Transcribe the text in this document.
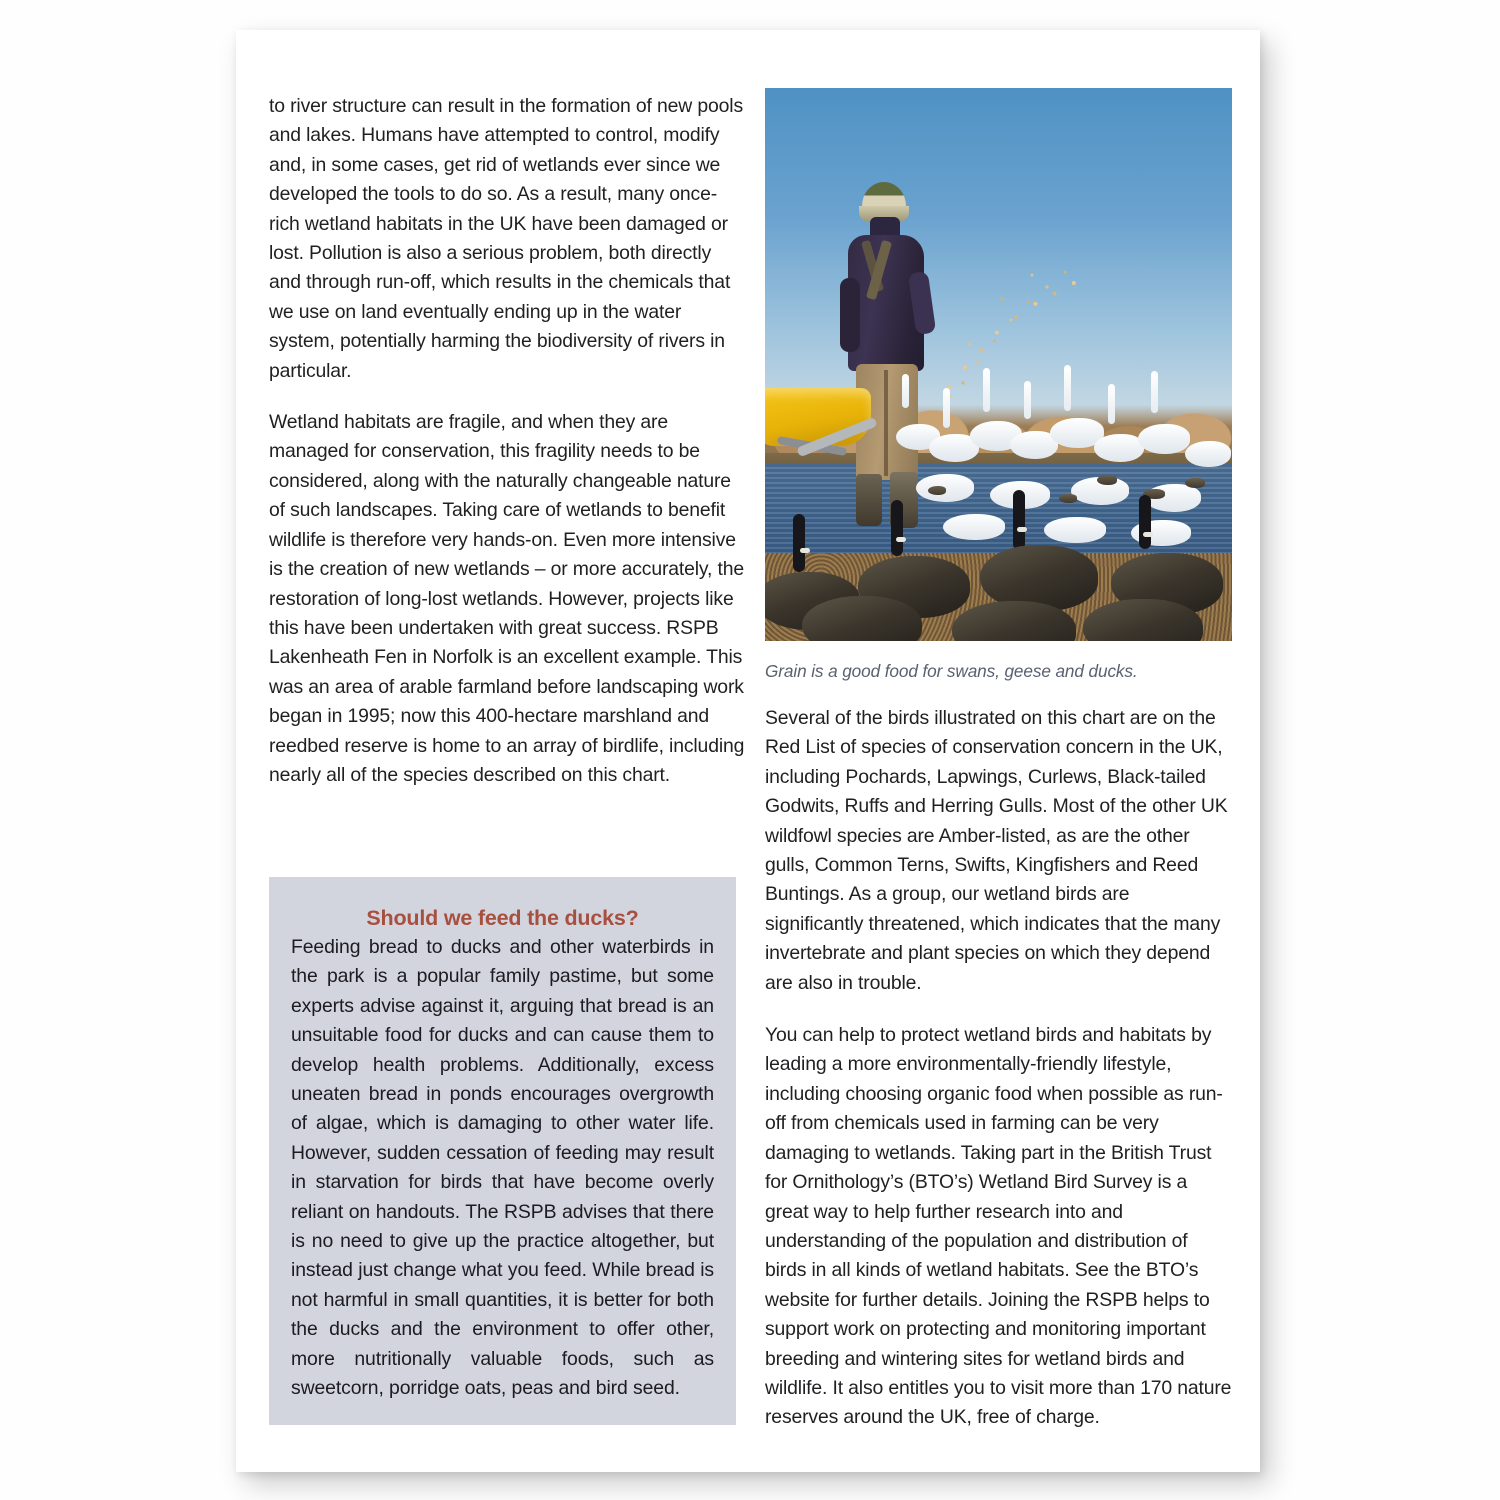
to river structure can result in the formation of new pools and lakes. Humans have attempted to control, modify and, in some cases, get rid of wetlands ever since we developed the tools to do so. As a result, many once-rich wetland habitats in the UK have been damaged or lost. Pollution is also a serious problem, both directly and through run-off, which results in the chemicals that we use on land eventually ending up in the water system, potentially harming the biodiversity of rivers in particular.

Wetland habitats are fragile, and when they are managed for conservation, this fragility needs to be considered, along with the naturally changeable nature of such landscapes. Taking care of wetlands to benefit wildlife is therefore very hands-on. Even more intensive is the creation of new wetlands – or more accurately, the restoration of long-lost wetlands. However, projects like this have been undertaken with great success. RSPB Lakenheath Fen in Norfolk is an excellent example. This was an area of arable farmland before landscaping work began in 1995; now this 400-hectare marshland and reedbed reserve is home to an array of birdlife, including nearly all of the species described on this chart.

Should we feed the ducks?
Feeding bread to ducks and other waterbirds in the park is a popular family pastime, but some experts advise against it, arguing that bread is an unsuitable food for ducks and can cause them to develop health problems. Additionally, excess uneaten bread in ponds encourages overgrowth of algae, which is damaging to other water life. However, sudden cessation of feeding may result in starvation for birds that have become overly reliant on handouts. The RSPB advises that there is no need to give up the practice altogether, but instead just change what you feed. While bread is not harmful in small quantities, it is better for both the ducks and the environment to offer other, more nutritionally valuable foods, such as sweetcorn, porridge oats, peas and bird seed.
Grain is a good food for swans, geese and ducks.

Several of the birds illustrated on this chart are on the Red List of species of conservation concern in the UK, including Pochards, Lapwings, Curlews, Black-tailed Godwits, Ruffs and Herring Gulls. Most of the other UK wildfowl species are Amber-listed, as are the other gulls, Common Terns, Swifts, Kingfishers and Reed Buntings. As a group, our wetland birds are significantly threatened, which indicates that the many invertebrate and plant species on which they depend are also in trouble.

You can help to protect wetland birds and habitats by leading a more environmentally-friendly lifestyle, including choosing organic food when possible as run-off from chemicals used in farming can be very damaging to wetlands. Taking part in the British Trust for Ornithology’s (BTO’s) Wetland Bird Survey is a great way to help further research into and understanding of the population and distribution of birds in all kinds of wetland habitats. See the BTO’s website for further details. Joining the RSPB helps to support work on protecting and monitoring important breeding and wintering sites for wetland birds and wildlife. It also entitles you to visit more than 170 nature reserves around the UK, free of charge.
